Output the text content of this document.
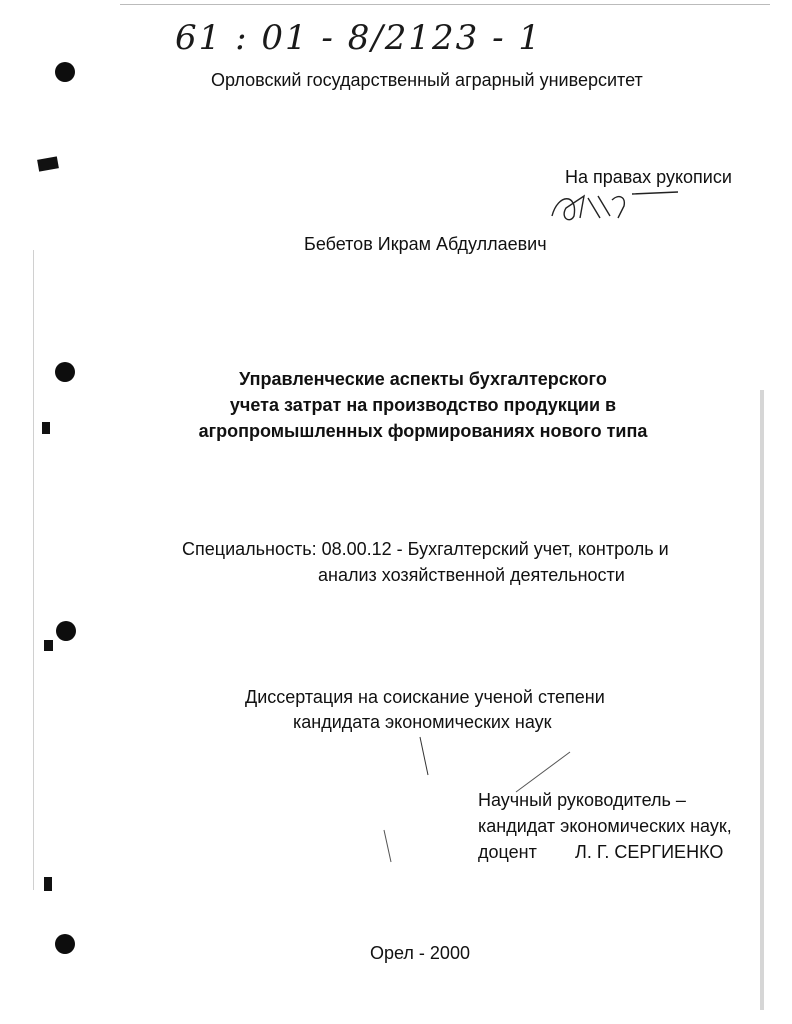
61 : 01 - 8/2123 - 1
Орловский государственный аграрный университет
На правах рукописи
Бебетов Икрам Абдуллаевич
Управленческие аспекты бухгалтерского
учета затрат на производство продукции в
агропромышленных формированиях нового типа
Специальность: 08.00.12 - Бухгалтерский учет, контроль и
анализ хозяйственной деятельности
Диссертация на соискание ученой степени
кандидата экономических наук
Научный руководитель –
кандидат экономических наук,
доцент Л. Г. СЕРГИЕНКО
Орел - 2000
